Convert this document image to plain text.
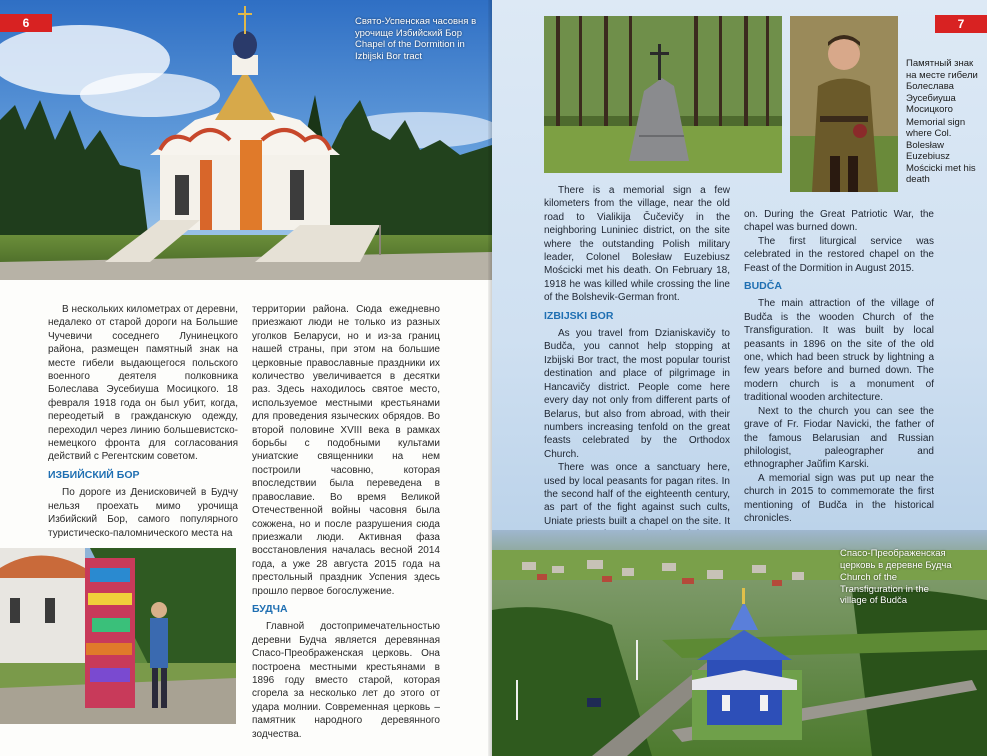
Свято-Успенская часовня в урочище Избийский Бор
Chapel of the Dormition in Izbijski Bor tract
6

В нескольких километрах от деревни, недалеко от старой дороги на Большие Чучевичи соседнего Лунинецкого района, размещен памятный знак на месте гибели выдающегося польского военного деятеля полковника Болеслава Эусебиуша Мосицкого. 18 февраля 1918 года он был убит, когда, переодетый в гражданскую одежду, переходил через линию большевистско-немецкого фронта для согласования действий с Регентским советом.

ИЗБИЙСКИЙ БОР

По дороге из Денисковичей в Будчу нельзя проехать мимо урочища Избийский Бор, самого популярного туристическо-паломнического места на

территории района. Сюда ежедневно приезжают люди не только из разных уголков Беларуси, но и из-за границ нашей страны, при этом на большие церковные православные праздники их количество увеличивается в десятки раз. Здесь находилось святое место, используемое местными крестьянами для проведения языческих обрядов. Во второй половине XVIII века в рамках борьбы с подобными культами униатские священники на нем построили часовню, которая впоследствии была переведена в православие. Во время Великой Отечественной войны часовня была сожжена, но и после разрушения сюда приезжали люди. Активная фаза восстановления началась весной 2014 года, а уже 28 августа 2015 года на престольный праздник Успения здесь прошло первое богослужение.

БУДЧА

Главной достопримечательностью деревни Будча является деревянная Спасо-Преображенская церковь. Она построена местными крестьянами в 1896 году вместо старой, которая сгорела за несколько лет до этого от удара молнии. Современная церковь – памятник народного деревянного зодчества.

7
Памятный знак на месте гибели Болеслава Эусебиуша Мосицкого
Memorial sign where Col. Bolesław Euzebiusz Mościcki met his death

There is a memorial sign a few kilometers from the village, near the old road to Vialikija Čučevičy in the neighboring Luniniec district, on the site where the outstanding Polish military leader, Colonel Bolesław Euzebiusz Mościcki met his death. On February 18, 1918 he was killed while crossing the line of the Bolshevik-German front.

IZBIJSKI BOR

As you travel from Dzianiskavičy to Budča, you cannot help stopping at Izbijski Bor tract, the most popular tourist destination and place of pilgrimage in Hancavičy district. People come here every day not only from different parts of Belarus, but also from abroad, with their numbers increasing tenfold on the great feasts celebrated by the Orthodox Church.

There was once a sanctuary here, used by local peasants for pagan rites. In the second half of the eighteenth century, as part of the fight against such cults, Uniate priests built a chapel on the site. It

on. During the Great Patriotic War, the chapel was burned down.

The first liturgical service was celebrated in the restored chapel on the Feast of the Dormition in August 2015.

BUDČA

The main attraction of the village of Budča is the wooden Church of the Transfiguration. It was built by local peasants in 1896 on the site of the old one, which had been struck by lightning a few years before and burned down. The modern church is a monument of traditional wooden architecture.

Next to the church you can see the grave of Fr. Fiodar Navicki, the father of the famous Belarusian and Russian philologist, paleographer and ethnographer Jaŭfim Karski.

A memorial sign was put up near the church in 2015 to commemorate the first mentioning of Budča in the historical chronicles.

Спасо-Преображенская церковь в деревне Будча
Church of the Transfiguration in the village of Budča
